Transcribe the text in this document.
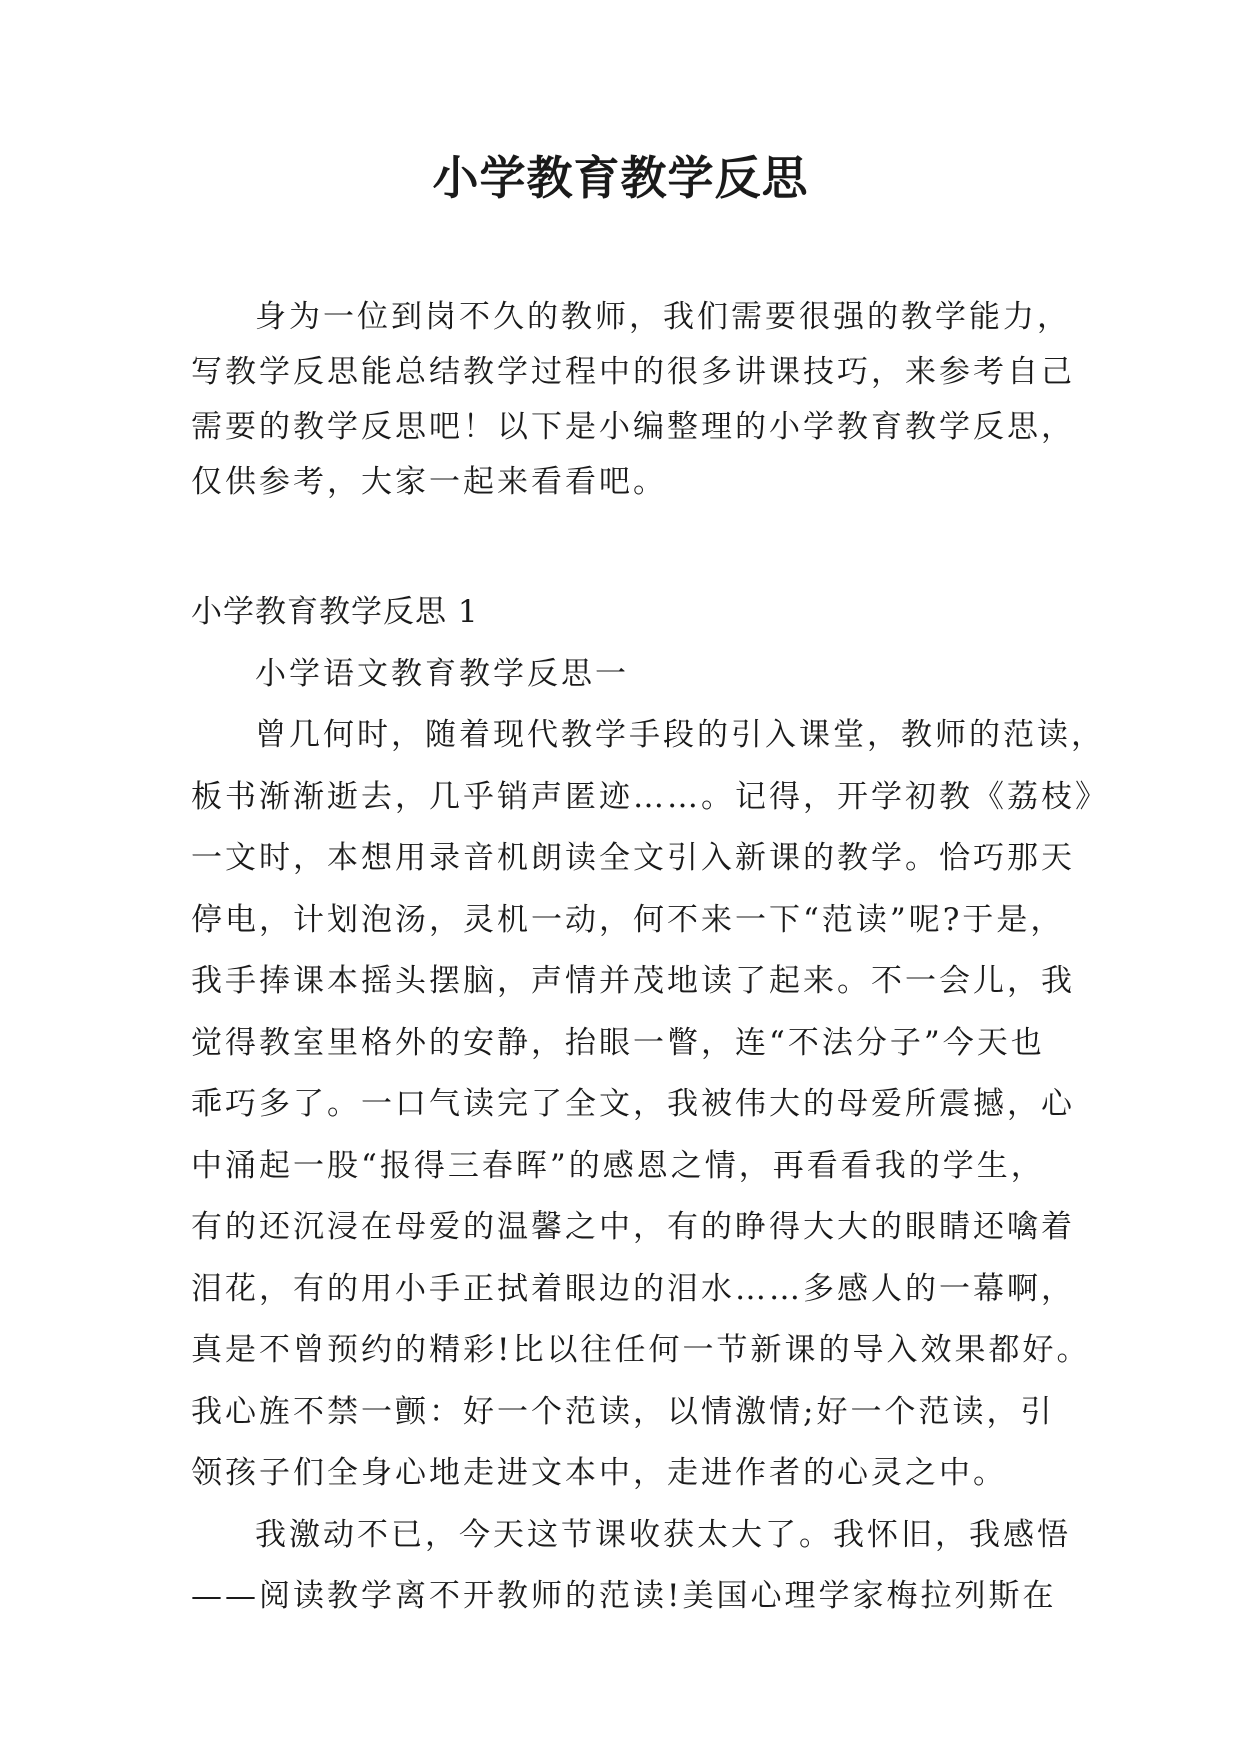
小学教育教学反思
身为一位到岗不久的教师，我们需要很强的教学能力，
写教学反思能总结教学过程中的很多讲课技巧，来参考自己
需要的教学反思吧！以下是小编整理的小学教育教学反思，
仅供参考，大家一起来看看吧。
小学教育教学反思 1
小学语文教育教学反思一
曾几何时，随着现代教学手段的引入课堂，教师的范读，
板书渐渐逝去，几乎销声匿迹……。记得，开学初教《荔枝》
一文时，本想用录音机朗读全文引入新课的教学。恰巧那天
停电，计划泡汤，灵机一动，何不来一下“范读”呢?于是，
我手捧课本摇头摆脑，声情并茂地读了起来。不一会儿，我
觉得教室里格外的安静，抬眼一瞥，连“不法分子”今天也
乖巧多了。一口气读完了全文，我被伟大的母爱所震撼，心
中涌起一股“报得三春晖”的感恩之情，再看看我的学生，
有的还沉浸在母爱的温馨之中，有的睁得大大的眼睛还噙着
泪花，有的用小手正拭着眼边的泪水……多感人的一幕啊，
真是不曾预约的精彩!比以往任何一节新课的导入效果都好。
我心旌不禁一颤：好一个范读，以情激情;好一个范读，引
领孩子们全身心地走进文本中，走进作者的心灵之中。
我激动不已，今天这节课收获太大了。我怀旧，我感悟
——阅读教学离不开教师的范读!美国心理学家梅拉列斯在
